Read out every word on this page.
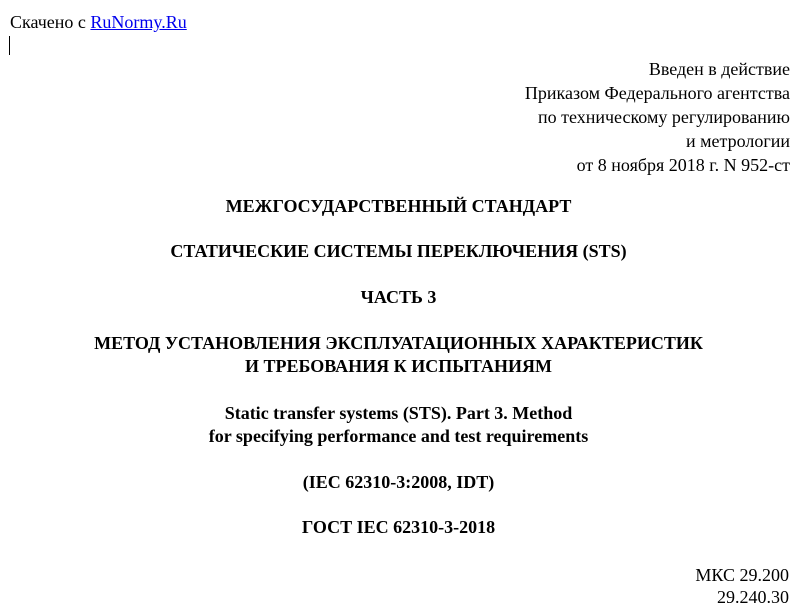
Скачено с RuNormy.Ru
Введен в действие
Приказом Федерального агентства
по техническому регулированию
и метрологии
от 8 ноября 2018 г. N 952-ст
МЕЖГОСУДАРСТВЕННЫЙ СТАНДАРТ
СТАТИЧЕСКИЕ СИСТЕМЫ ПЕРЕКЛЮЧЕНИЯ (STS)
ЧАСТЬ 3
МЕТОД УСТАНОВЛЕНИЯ ЭКСПЛУАТАЦИОННЫХ ХАРАКТЕРИСТИК
И ТРЕБОВАНИЯ К ИСПЫТАНИЯМ
Static transfer systems (STS). Part 3. Method
for specifying performance and test requirements
(IEC 62310-3:2008, IDT)
ГОСТ IEC 62310-3-2018
МКС 29.200
29.240.30
